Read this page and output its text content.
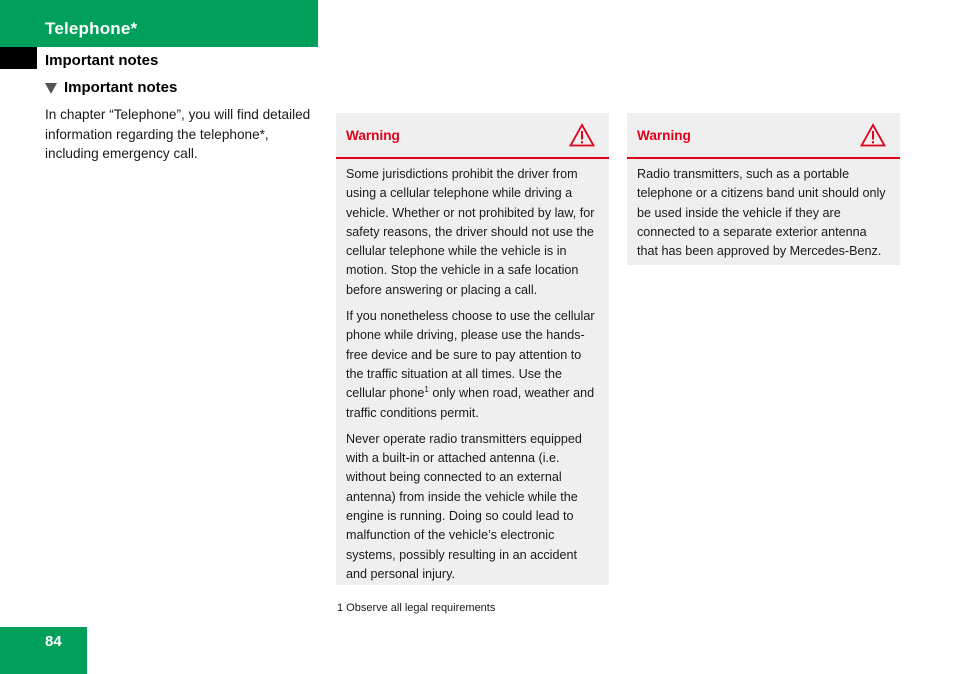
Telephone*
Important notes
Important notes
In chapter “Telephone”, you will find detailed information regarding the telephone*, including emergency call.
Warning

Some jurisdictions prohibit the driver from using a cellular telephone while driving a vehicle. Whether or not prohibited by law, for safety reasons, the driver should not use the cellular telephone while the vehicle is in motion. Stop the vehicle in a safe location before answering or placing a call.

If you nonetheless choose to use the cellular phone while driving, please use the hands-free device and be sure to pay attention to the traffic situation at all times. Use the cellular phone$^1$ only when road, weather and traffic conditions permit.

Never operate radio transmitters equipped with a built-in or attached antenna (i.e. without being connected to an external antenna) from inside the vehicle while the engine is running. Doing so could lead to malfunction of the vehicle’s electronic systems, possibly resulting in an accident and personal injury.

Warning

Radio transmitters, such as a portable telephone or a citizens band unit should only be used inside the vehicle if they are connected to a separate exterior antenna that has been approved by Mercedes-Benz.

1 Observe all legal requirements
84
